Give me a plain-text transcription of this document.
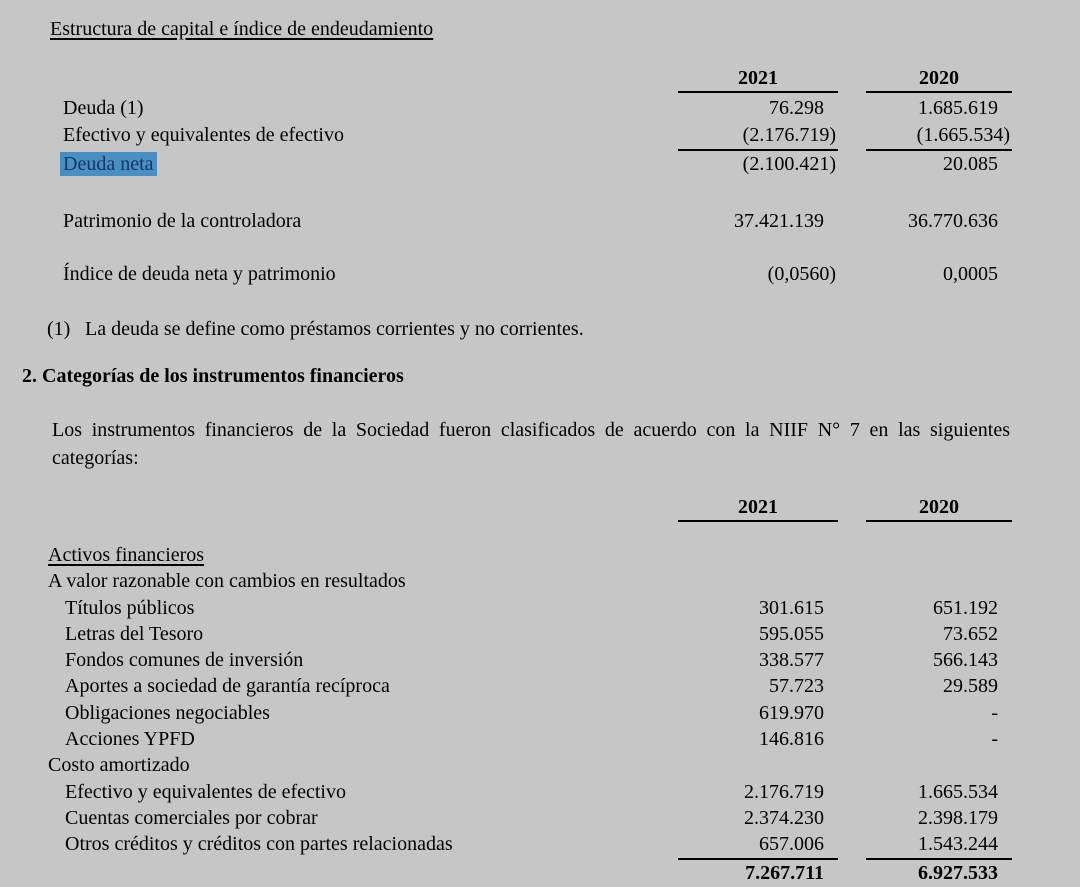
Estructura de capital e índice de endeudamiento
2021	2020
Deuda (1)	76.298	1.685.619
Efectivo y equivalentes de efectivo	(2.176.719)	(1.665.534)
Deuda neta	(2.100.421)	20.085
Patrimonio de la controladora	37.421.139	36.770.636
Índice de deuda neta y patrimonio	(0,0560)	0,0005
(1) La deuda se define como préstamos corrientes y no corrientes.
2. Categorías de los instrumentos financieros
Los instrumentos financieros de la Sociedad fueron clasificados de acuerdo con la NIIF N° 7 en las siguientes categorías:
2021	2020
Activos financieros
A valor razonable con cambios en resultados
Títulos públicos	301.615	651.192
Letras del Tesoro	595.055	73.652
Fondos comunes de inversión	338.577	566.143
Aportes a sociedad de garantía recíproca	57.723	29.589
Obligaciones negociables	619.970	-
Acciones YPFD	146.816	-
Costo amortizado
Efectivo y equivalentes de efectivo	2.176.719	1.665.534
Cuentas comerciales por cobrar	2.374.230	2.398.179
Otros créditos y créditos con partes relacionadas	657.006	1.543.244
7.267.711	6.927.533
